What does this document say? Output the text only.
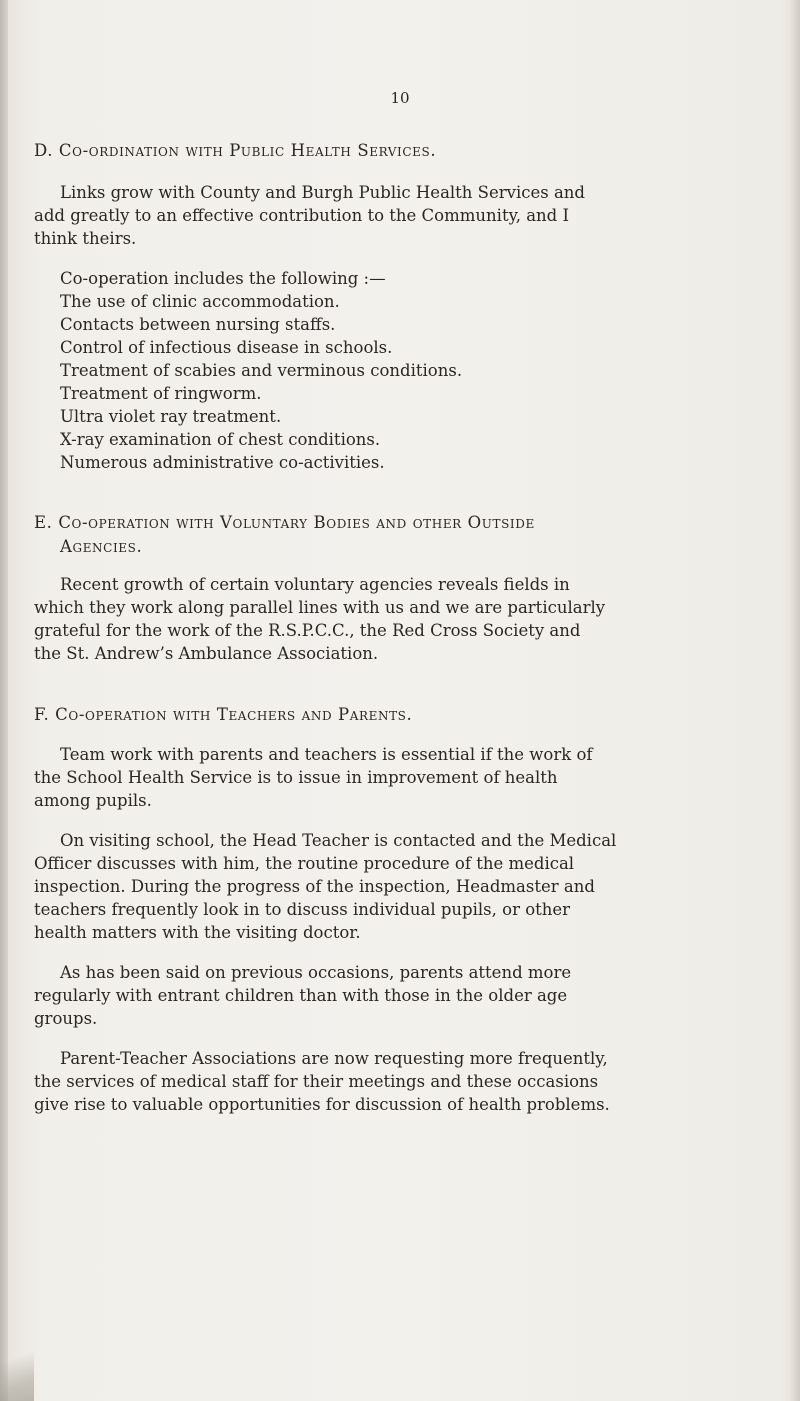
10
D. Co-ordination with Public Health Services.
Links grow with County and Burgh Public Health Services and
add greatly to an effective contribution to the Community, and I
think theirs.
Co-operation includes the following :—
The use of clinic accommodation.
Contacts between nursing staffs.
Control of infectious disease in schools.
Treatment of scabies and verminous conditions.
Treatment of ringworm.
Ultra violet ray treatment.
X-ray examination of chest conditions.
Numerous administrative co-activities.
E. Co-operation with Voluntary Bodies and other Outside
Agencies.
Recent growth of certain voluntary agencies reveals fields in
which they work along parallel lines with us and we are particularly
grateful for the work of the R.S.P.C.C., the Red Cross Society and
the St. Andrew’s Ambulance Association.
F. Co-operation with Teachers and Parents.
Team work with parents and teachers is essential if the work of
the School Health Service is to issue in improvement of health
among pupils.
On visiting school, the Head Teacher is contacted and the Medical
Officer discusses with him, the routine procedure of the medical
inspection. During the progress of the inspection, Headmaster and
teachers frequently look in to discuss individual pupils, or other
health matters with the visiting doctor.
As has been said on previous occasions, parents attend more
regularly with entrant children than with those in the older age
groups.
Parent-Teacher Associations are now requesting more frequently,
the services of medical staff for their meetings and these occasions
give rise to valuable opportunities for discussion of health problems.
